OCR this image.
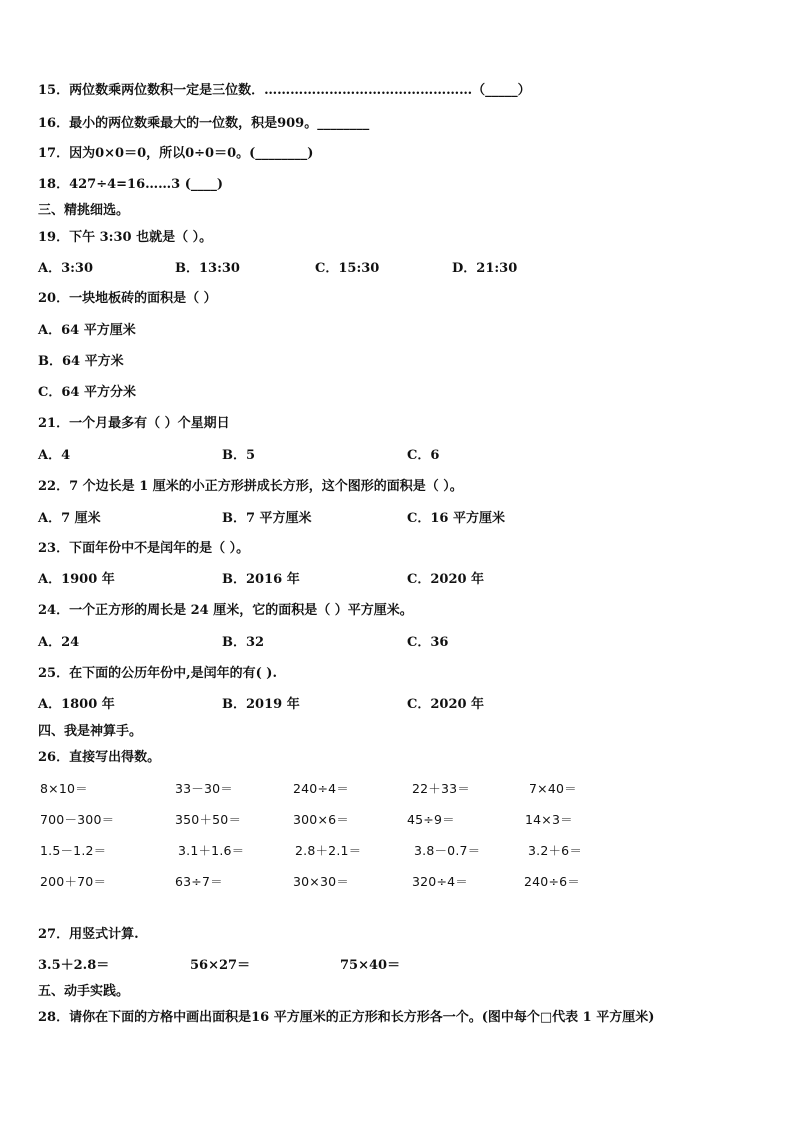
15．两位数乘两位数积一定是三位数．…………………………………………（_____）
16．最小的两位数乘最大的一位数，积是909。________
17．因为0×0＝0，所以0÷0＝0。(________)
18．427÷4=16……3 (____)
三、精挑细选。
19．下午 3:30 也就是（ ）。
A．3:30	B．13:30	C．15:30	D．21:30
20．一块地板砖的面积是（ ）
A．64 平方厘米
B．64 平方米
C．64 平方分米
21．一个月最多有（ ）个星期日
A．4	B．5	C．6
22．7 个边长是 1 厘米的小正方形拼成长方形，这个图形的面积是（ ）。
A．7 厘米	B．7 平方厘米	C．16 平方厘米
23．下面年份中不是闰年的是（ ）。
A．1900 年	B．2016 年	C．2020 年
24．一个正方形的周长是 24 厘米，它的面积是（ ）平方厘米。
A．24	B．32	C．36
25．在下面的公历年份中,是闰年的有( ).
A．1800 年	B．2019 年	C．2020 年
四、我是神算手。
26．直接写出得数。
8×10＝	33－30＝	240÷4＝	22＋33＝	7×40＝
700－300＝	350＋50＝	300×6＝	45÷9＝	14×3＝
1.5－1.2＝	3.1＋1.6＝	2.8＋2.1＝	3.8－0.7＝	3.2＋6＝
200＋70＝	63÷7＝	30×30＝	320÷4＝	240÷6＝
27．用竖式计算.
3.5＋2.8＝	56×27＝	75×40＝
五、动手实践。
28．请你在下面的方格中画出面积是16 平方厘米的正方形和长方形各一个。(图中每个□代表 1 平方厘米)
